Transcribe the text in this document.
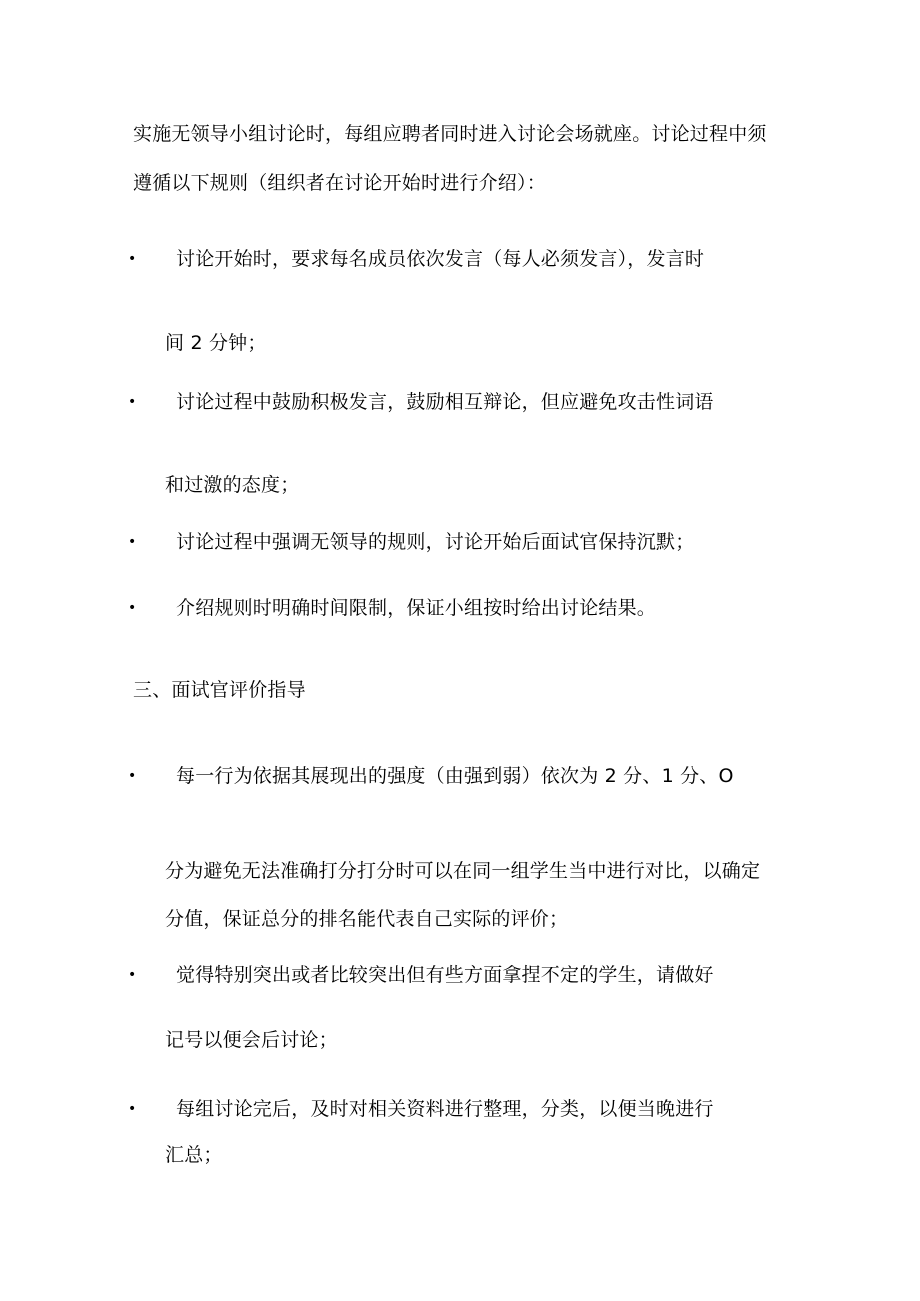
实施无领导小组讨论时，每组应聘者同时进入讨论会场就座。讨论过程中须
遵循以下规则（组织者在讨论开始时进行介绍）：
• 讨论开始时，要求每名成员依次发言（每人必须发言），发言时
间 2 分钟；
• 讨论过程中鼓励积极发言，鼓励相互辩论，但应避免攻击性词语
和过激的态度；
• 讨论过程中强调无领导的规则，讨论开始后面试官保持沉默；
• 介绍规则时明确时间限制，保证小组按时给出讨论结果。
三、面试官评价指导
• 每一行为依据其展现出的强度（由强到弱）依次为 2 分、1 分、O
分为避免无法准确打分打分时可以在同一组学生当中进行对比，以确定
分值，保证总分的排名能代表自己实际的评价；
• 觉得特别突出或者比较突出但有些方面拿捏不定的学生，请做好
记号以便会后讨论；
• 每组讨论完后，及时对相关资料进行整理，分类，以便当晚进行
汇总；
